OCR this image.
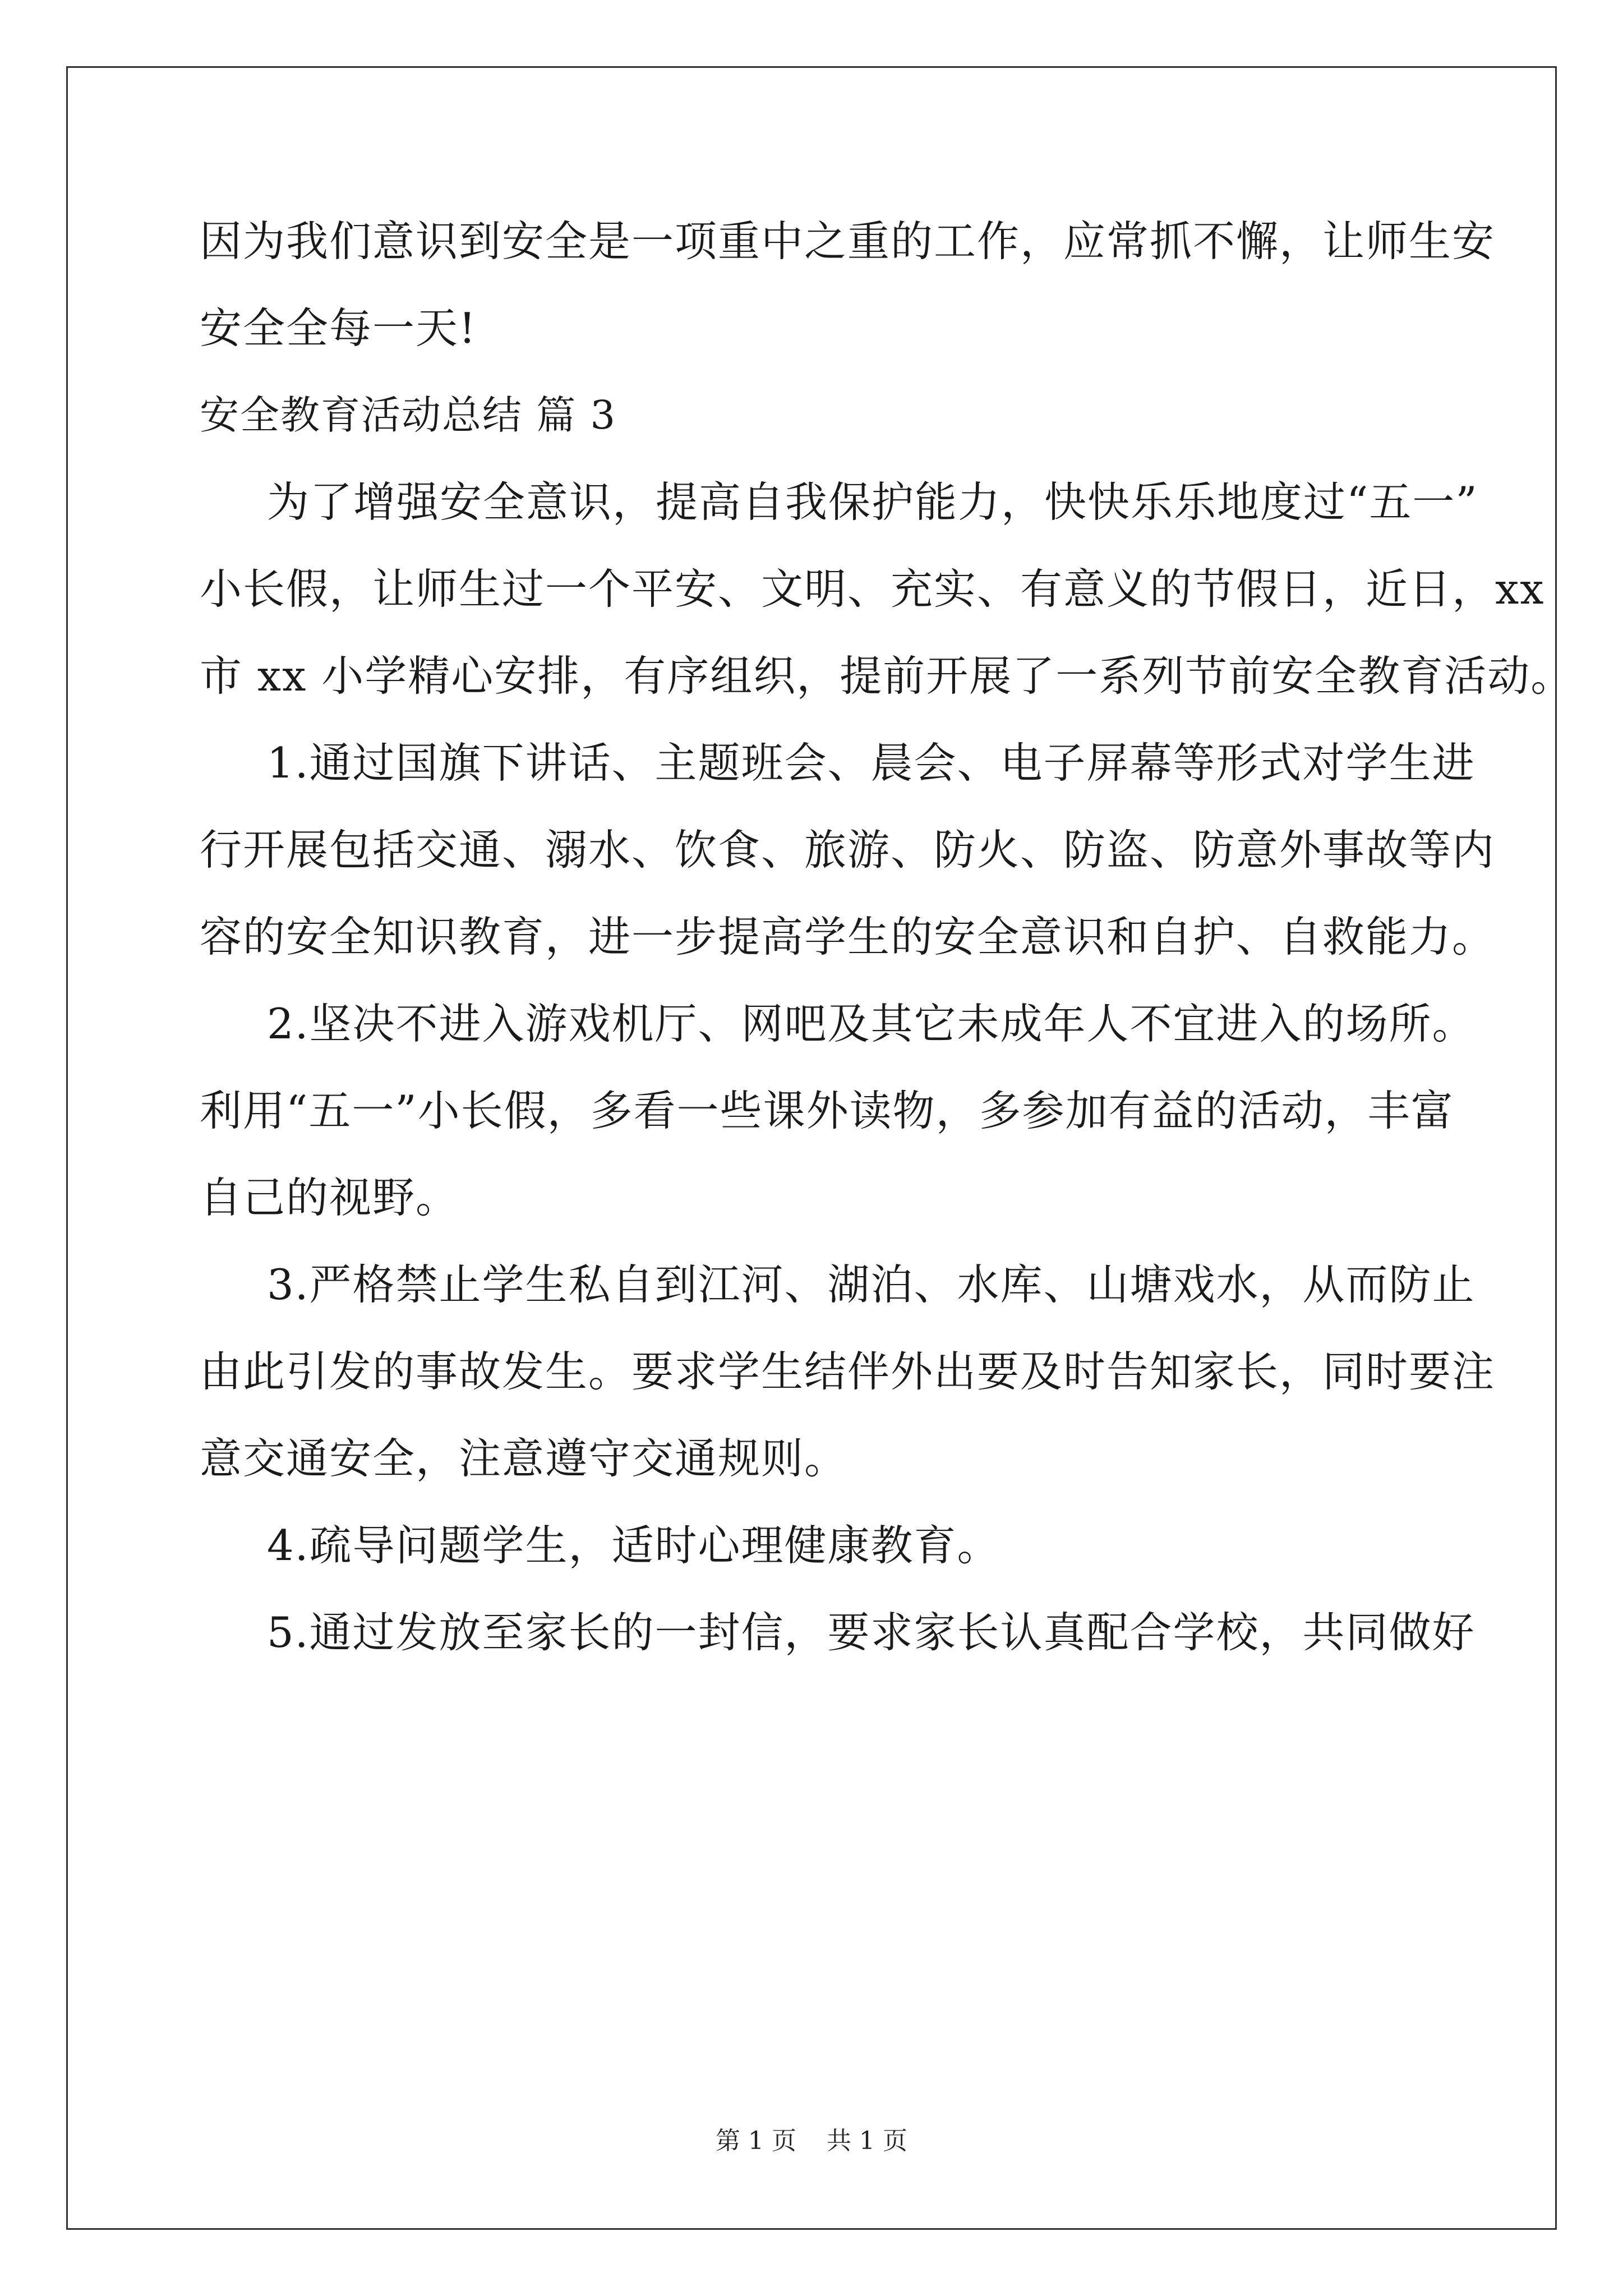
因为我们意识到安全是一项重中之重的工作，应常抓不懈，让师生安
安全全每一天!
安全教育活动总结 篇 3
为了增强安全意识，提高自我保护能力，快快乐乐地度过“五一”
小长假，让师生过一个平安、文明、充实、有意义的节假日，近日，xx
市 xx 小学精心安排，有序组织，提前开展了一系列节前安全教育活动。
1.通过国旗下讲话、主题班会、晨会、电子屏幕等形式对学生进
行开展包括交通、溺水、饮食、旅游、防火、防盗、防意外事故等内
容的安全知识教育，进一步提高学生的安全意识和自护、自救能力。
2.坚决不进入游戏机厅、网吧及其它未成年人不宜进入的场所。
利用“五一”小长假，多看一些课外读物，多参加有益的活动，丰富
自己的视野。
3.严格禁止学生私自到江河、湖泊、水库、山塘戏水，从而防止
由此引发的事故发生。要求学生结伴外出要及时告知家长，同时要注
意交通安全，注意遵守交通规则。
4.疏导问题学生，适时心理健康教育。
5.通过发放至家长的一封信，要求家长认真配合学校，共同做好
第 1 页 共 1 页
